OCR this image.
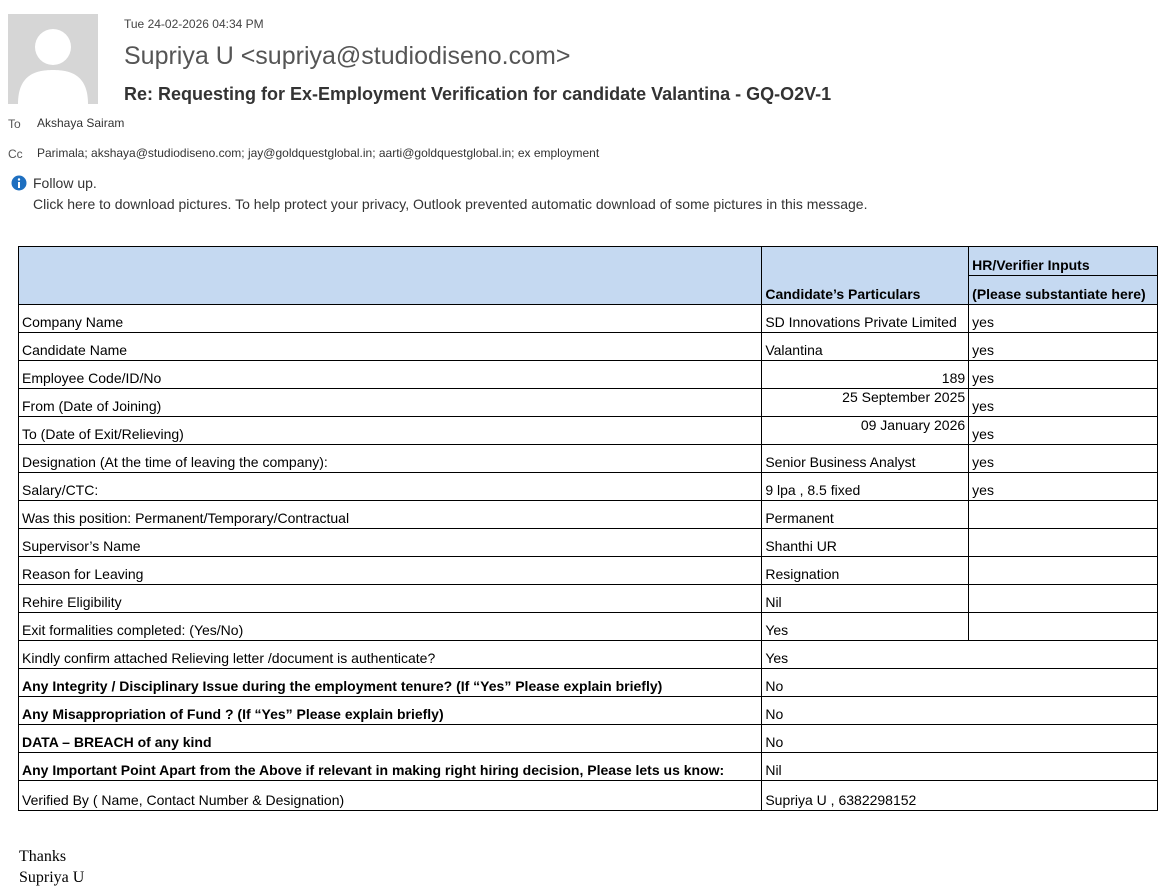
Tue 24-02-2026 04:34 PM
Supriya U <supriya@studiodiseno.com>
Re: Requesting for Ex-Employment Verification for candidate Valantina - GQ-O2V-1
To Akshaya Sairam
Cc Parimala; akshaya@studiodiseno.com; jay@goldquestglobal.in; aarti@goldquestglobal.in; ex employment
Follow up.
Click here to download pictures. To help protect your privacy, Outlook prevented automatic download of some pictures in this message.
	Candidate’s Particulars	HR/Verifier Inputs
		(Please substantiate here)
Company Name	SD Innovations Private Limited	yes
Candidate Name	Valantina	yes
Employee Code/ID/No	189	yes
From (Date of Joining)	25 September 2025	yes
To (Date of Exit/Relieving)	09 January 2026	yes
Designation (At the time of leaving the company):	Senior Business Analyst	yes
Salary/CTC:	9 lpa , 8.5 fixed	yes
Was this position: Permanent/Temporary/Contractual	Permanent	
Supervisor’s Name	Shanthi UR	
Reason for Leaving	Resignation	
Rehire Eligibility	Nil	
Exit formalities completed: (Yes/No)	Yes	
Kindly confirm attached Relieving letter /document is authenticate?	Yes	
Any Integrity / Disciplinary Issue during the employment tenure? (If “Yes” Please explain briefly)	No	
Any Misappropriation of Fund ? (If “Yes” Please explain briefly)	No	
DATA – BREACH of any kind	No	
Any Important Point Apart from the Above if relevant in making right hiring decision, Please lets us know:	Nil	
Verified By ( Name, Contact Number & Designation)	Supriya U , 6382298152	
Thanks
Supriya U
